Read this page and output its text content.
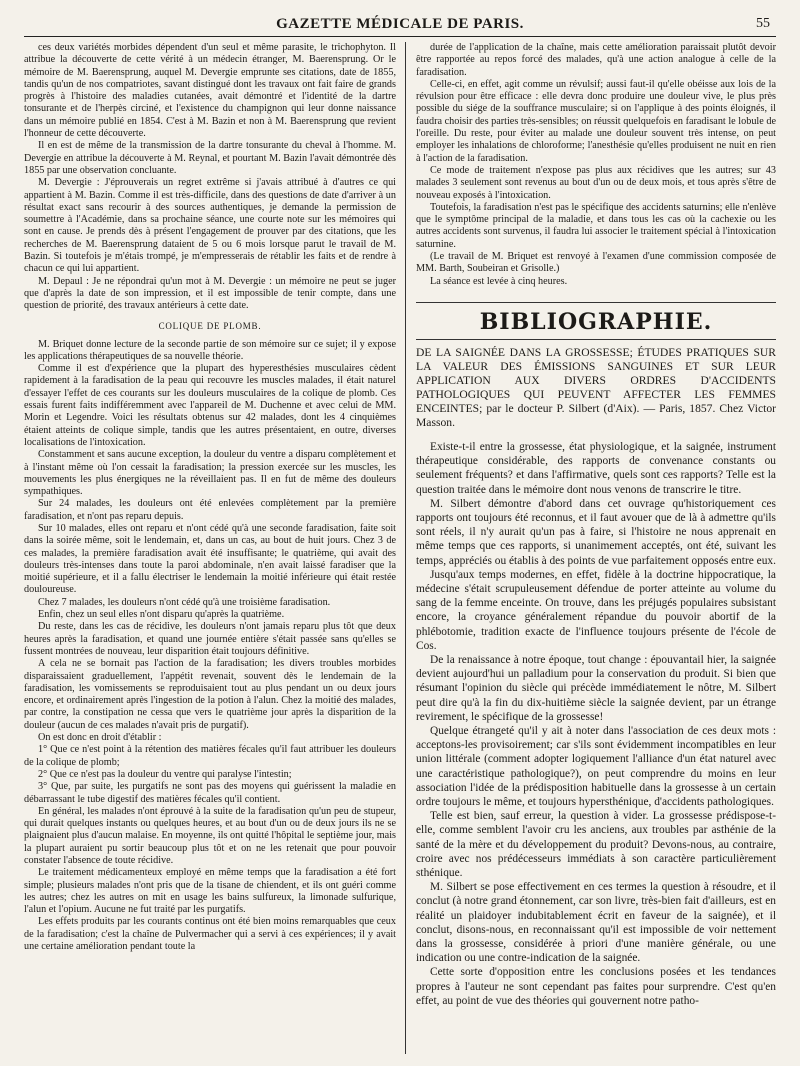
GAZETTE MÉDICALE DE PARIS.	55

ces deux variétés morbides dépendent d'un seul et même parasite, le trichophyton. Il attribue la découverte de cette vérité à un médecin étranger, M. Baerensprung. Or le mémoire de M. Baerensprung, auquel M. Devergie emprunte ses citations, date de 1855, tandis qu'un de nos compatriotes, savant distingué dont les travaux ont fait faire de grands progrès à l'histoire des maladies cutanées, avait démontré et l'identité de la dartre tonsurante et de l'herpès circiné, et l'existence du champignon qui leur donne naissance dans un mémoire publié en 1854. C'est à M. Bazin et non à M. Baerensprung que revient l'honneur de cette découverte.

Il en est de même de la transmission de la dartre tonsurante du cheval à l'homme. M. Devergie en attribue la découverte à M. Reynal, et pourtant M. Bazin l'avait démontrée dès 1855 par une observation concluante.

M. Devergie : J'éprouverais un regret extrême si j'avais attribué à d'autres ce qui appartient à M. Bazin. Comme il est très-difficile, dans des questions de date d'arriver à un résultat exact sans recourir à des sources authentiques, je demande la permission de soumettre à l'Académie, dans sa prochaine séance, une courte note sur les mémoires qui sont en cause. Je prends dès à présent l'engagement de prouver par des citations, que les recherches de M. Baerensprung dataient de 5 ou 6 mois lorsque parut le travail de M. Bazin. Si toutefois je m'étais trompé, je m'empresserais de rétablir les faits et de rendre à chacun ce qui lui appartient.

M. Depaul : Je ne répondrai qu'un mot à M. Devergie : un mémoire ne peut se juger que d'après la date de son impression, et il est impossible de tenir compte, dans une question de priorité, des travaux antérieurs à cette date.

COLIQUE DE PLOMB.

M. Briquet donne lecture de la seconde partie de son mémoire sur ce sujet; il y expose les applications thérapeutiques de sa nouvelle théorie.

Comme il est d'expérience que la plupart des hyperesthésies musculaires cèdent rapidement à la faradisation de la peau qui recouvre les muscles malades, il était naturel d'essayer l'effet de ces courants sur les douleurs musculaires de la colique de plomb. Ces essais furent faits indifféremment avec l'appareil de M. Duchenne et avec celui de MM. Morin et Legendre. Voici les résultats obtenus sur 42 malades, dont les 4 cinquièmes étaient atteints de colique simple, tandis que les autres présentaient, en outre, diverses localisations de l'intoxication.

Constamment et sans aucune exception, la douleur du ventre a disparu complètement et à l'instant même où l'on cessait la faradisation; la pression exercée sur les muscles, les mouvements les plus énergiques ne la réveillaient pas. Il en fut de même des douleurs sympathiques.

Sur 24 malades, les douleurs ont été enlevées complètement par la première faradisation, et n'ont pas reparu depuis.

Sur 10 malades, elles ont reparu et n'ont cédé qu'à une seconde faradisation, faite soit dans la soirée même, soit le lendemain, et, dans un cas, au bout de huit jours. Chez 3 de ces malades, la première faradisation avait été insuffisante; le quatrième, qui avait des douleurs très-intenses dans toute la paroi abdominale, n'en avait laissé faradiser que la moitié supérieure, et il a fallu électriser le lendemain la moitié inférieure qui était restée douloureuse.

Chez 7 malades, les douleurs n'ont cédé qu'à une troisième faradisation.

Enfin, chez un seul elles n'ont disparu qu'après la quatrième.

Du reste, dans les cas de récidive, les douleurs n'ont jamais reparu plus tôt que deux heures après la faradisation, et quand une journée entière s'était passée sans qu'elles se fussent montrées de nouveau, leur disparition était toujours définitive.

A cela ne se bornait pas l'action de la faradisation; les divers troubles morbides disparaissaient graduellement, l'appétit revenait, souvent dès le lendemain de la faradisation, les vomissements se reproduisaient tout au plus pendant un ou deux jours encore, et ordinairement après l'ingestion de la potion à l'alun. Chez la moitié des malades, par contre, la constipation ne cessa que vers le quatrième jour après la disparition de la douleur (aucun de ces malades n'avait pris de purgatif).

On est donc en droit d'établir :

1° Que ce n'est point à la rétention des matières fécales qu'il faut attribuer les douleurs de la colique de plomb;

2° Que ce n'est pas la douleur du ventre qui paralyse l'intestin;

3° Que, par suite, les purgatifs ne sont pas des moyens qui guérissent la maladie en débarrassant le tube digestif des matières fécales qu'il contient.

En général, les malades n'ont éprouvé à la suite de la faradisation qu'un peu de stupeur, qui durait quelques instants ou quelques heures, et au bout d'un ou de deux jours ils ne se plaignaient plus d'aucun malaise. En moyenne, ils ont quitté l'hôpital le septième jour, mais la plupart auraient pu sortir beaucoup plus tôt et on ne les retenait que pour pouvoir constater l'absence de toute récidive.

Le traitement médicamenteux employé en même temps que la faradisation a été fort simple; plusieurs malades n'ont pris que de la tisane de chiendent, et ils ont guéri comme les autres; chez les autres on mit en usage les bains sulfureux, la limonade sulfurique, l'alun et l'opium. Aucune ne fut traité par les purgatifs.

Les effets produits par les courants continus ont été bien moins remarquables que ceux de la faradisation; c'est la chaîne de Pulvermacher qui a servi à ces expériences; il y avait une certaine amélioration pendant toute la

durée de l'application de la chaîne, mais cette amélioration paraissait plutôt devoir être rapportée au repos forcé des malades, qu'à une action analogue à celle de la faradisation.

Celle-ci, en effet, agit comme un révulsif; aussi faut-il qu'elle obéisse aux lois de la révulsion pour être efficace : elle devra donc produire une douleur vive, le plus près possible du siége de la souffrance musculaire; si on l'applique à des points éloignés, il faudra choisir des parties très-sensibles; on réussit quelquefois en faradisant le lobule de l'oreille. Du reste, pour éviter au malade une douleur souvent très intense, on peut employer les inhalations de chloroforme; l'anesthésie qu'elles produisent ne nuit en rien à l'action de la faradisation.

Ce mode de traitement n'expose pas plus aux récidives que les autres; sur 43 malades 3 seulement sont revenus au bout d'un ou de deux mois, et tous après s'être de nouveau exposés à l'intoxication.

Toutefois, la faradisation n'est pas le spécifique des accidents saturnins; elle n'enlève que le symptôme principal de la maladie, et dans tous les cas où la cachexie ou les autres accidents sont survenus, il faudra lui associer le traitement spécial à l'intoxication saturnine.

(Le travail de M. Briquet est renvoyé à l'examen d'une commission composée de MM. Barth, Soubeiran et Grisolle.)

La séance est levée à cinq heures.

BIBLIOGRAPHIE.
DE LA SAIGNÉE DANS LA GROSSESSE; ÉTUDES PRATIQUES SUR LA VALEUR DES ÉMISSIONS SANGUINES ET SUR LEUR APPLICATION AUX DIVERS ORDRES D'ACCIDENTS PATHOLOGIQUES QUI PEUVENT AFFECTER LES FEMMES ENCEINTES; par le docteur P. Silbert (d'Aix). — Paris, 1857. Chez Victor Masson.

Existe-t-il entre la grossesse, état physiologique, et la saignée, instrument thérapeutique considérable, des rapports de convenance constants ou seulement fréquents? et dans l'affirmative, quels sont ces rapports? Telle est la question traitée dans le mémoire dont nous venons de transcrire le titre.

M. Silbert démontre d'abord dans cet ouvrage qu'historiquement ces rapports ont toujours été reconnus, et il faut avouer que de là à admettre qu'ils sont réels, il n'y aurait qu'un pas à faire, si l'histoire ne nous apprenait en même temps que ces rapports, si unanimement acceptés, ont été, suivant les temps, appréciés ou établis à des points de vue parfaitement opposés entre eux.

Jusqu'aux temps modernes, en effet, fidèle à la doctrine hippocratique, la médecine s'était scrupuleusement défendue de porter atteinte au volume du sang de la femme enceinte. On trouve, dans les préjugés populaires subsistant encore, la croyance généralement répandue du pouvoir abortif de la phlébotomie, tradition exacte de l'influence toujours présente de l'école de Cos.

De la renaissance à notre époque, tout change : épouvantail hier, la saignée devient aujourd'hui un palladium pour la conservation du produit. Si bien que résumant l'opinion du siècle qui précède immédiatement le nôtre, M. Silbert peut dire qu'à la fin du dix-huitième siècle la saignée devient, par un étrange revirement, le spécifique de la grossesse!

Quelque étrangeté qu'il y ait à noter dans l'association de ces deux mots : acceptons-les provisoirement; car s'ils sont évidemment incompatibles en leur union littérale (comment adopter logiquement l'alliance d'un état naturel avec une caractéristique pathologique?), on peut comprendre du moins en leur association l'idée de la prédisposition habituelle dans la grossesse à un certain ordre toujours le même, et toujours hypersthénique, d'accidents pathologiques.

Telle est bien, sauf erreur, la question à vider. La grossesse prédispose-t-elle, comme semblent l'avoir cru les anciens, aux troubles par asthénie de la santé de la mère et du développement du produit? Devons-nous, au contraire, croire avec nos prédécesseurs immédiats à son caractère particulièrement sthénique.

M. Silbert se pose effectivement en ces termes la question à résoudre, et il conclut (à notre grand étonnement, car son livre, très-bien fait d'ailleurs, est en réalité un plaidoyer indubitablement écrit en faveur de la saignée), et il conclut, disons-nous, en reconnaissant qu'il est impossible de voir nettement dans la grossesse, considérée à priori d'une manière générale, ou une indication ou une contre-indication de la saignée.

Cette sorte d'opposition entre les conclusions posées et les tendances propres à l'auteur ne sont cependant pas faites pour surprendre. C'est qu'en effet, au point de vue des théories qui gouvernent notre patho-
